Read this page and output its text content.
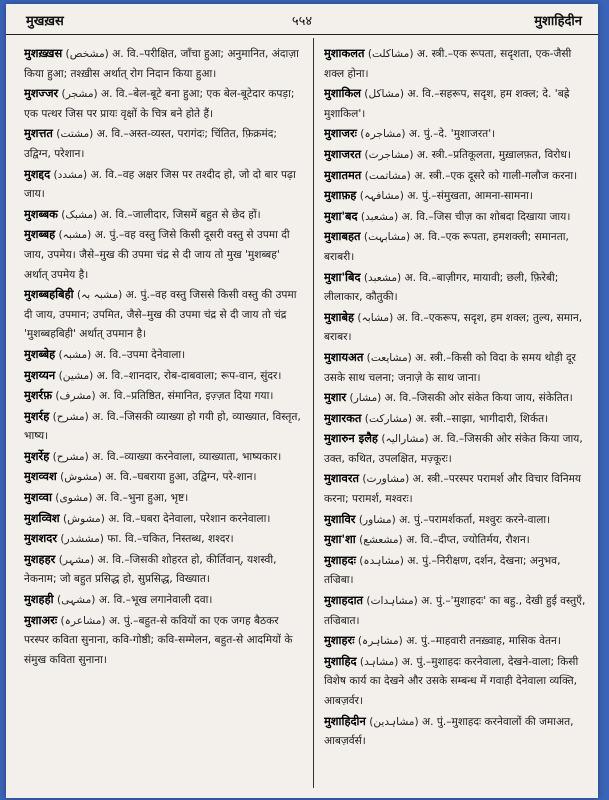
मुखख़स	५५४	मुशाहिदीन

मुशख़्ख़स (مشخص) अ. वि.–परीक्षित, जाँचा हुआ; अनुमानित, अंदाज़ा किया हुआ; तश्ख़ीस अर्थात् रोग निदान किया हुआ।

मुशज्जर (مشجر) अ. वि.–बेल-बूटे बना हुआ; एक बेल-बूटेदार कपड़ा; एक पत्थर जिस पर प्रायः वृक्षों के चित्र बने होते हैं।

मुशत्तत (مشتت) अ. वि.–अस्त-व्यस्त, परागंदः; चिंतित, फ़िक्रमंद; उद्विग्न, परेशान।

मुशद्दद (مشدد) अ. वि.–वह अक्षर जिस पर तश्दीद हो, जो दो बार पढ़ा जाय।

मुशब्बक (مشبک) अ. वि.–जालीदार, जिसमें बहुत से छेद हों।

मुशब्बह (مشبہ) अ. पुं.–वह वस्तु जिसे किसी दूसरी वस्तु से उपमा दी जाय, उपमेय। जैसे–मुख की उपमा चंद्र से दी जाय तो मुख 'मुशब्बह' अर्थात् उपमेय है।

मुशब्बहबिही (مشبہ بہ) अ. पुं.–वह वस्तु जिससे किसी वस्तु की उपमा दी जाय, उपमान; उपमित, जैसे–मुख की उपमा चंद्र से दी जाय तो चंद्र 'मुशब्बहबिही' अर्थात् उपमान है।

मुशब्बेह (مشبہ) अ. वि.–उपमा देनेवाला।

मुशय्यन (مشین) अ. वि.–शानदार, रोब-दाबवाला; रूप-वान, सुंदर।

मुशर्रफ़ (مشرف) अ. वि.–प्रतिष्ठित, संमानित, इज़्ज़त दिया गया।

मुशर्रह (مشرح) अ. वि.–जिसकी व्याख्या हो गयी हो, व्याख्यात, विस्तृत, भाष्य।

मुशर्रेह (مشرح) अ. वि.–व्याख्या करनेवाला, व्याख्याता, भाष्यकार।

मुशव्वश (مشوش) अ. वि.–घबराया हुआ, उद्विग्न, परे-शान।

मुशव्वा (مشوی) अ. वि.–भुना हुआ, भृष्ट।

मुशव्विश (مشوش) अ. वि.–घबरा देनेवाला, परेशान करनेवाला।

मुशशदर (مششدر) फा. वि.–चकित, निस्तब्ध, शश्दर।

मुशहहर (مشہر) अ. वि.–जिसकी शोहरत हो, कीर्तिवान्, यशस्वी, नेकनाम; जो बहुत प्रसिद्ध हो, सुप्रसिद्ध, विख्यात।

मुशहही (مشہی) अ. वि.–भूख लगानेवाली दवा।

मुशाअरः (مشاعرہ) अ. पुं.–बहुत-से कवियों का एक जगह बैठकर परस्पर कविता सुनाना, कवि-गोष्ठी; कवि-सम्मेलन, बहुत-से आदमियों के संमुख कविता सुनाना।

मुशाकलत (مشاکلت) अ. स्त्री.–एक रूपता, सदृशता, एक-जैसी शक्ल होना।

मुशाकिल (مشاکل) अ. वि.–सहरूप, सदृश, हम शक्ल; दे. 'बह्रे मुशाकिल'।

मुशाजरः (مشاجرہ) अ. पुं.–दे. 'मुशाजरत'।

मुशाजरत (مشاجرت) अ. स्त्री.–प्रतिकूलता, मुख़ालफ़त, विरोध।

मुशातमत (مشاتمت) अ. स्त्री.–एक दूसरे को गाली-गलौज करना।

मुशाफ़ह (مشافہہ) अ. पुं.–संमुखता, आमना-सामना।

मुशा'बद (مشعبد) अ. वि.–जिस चीज़ का शोबदा दिखाया जाय।

मुशाबहत (مشابہت) अ. वि.–एक रूपता, हमशक्ली; समानता, बराबरी।

मुशा'बिद (مشعبد) अ. वि.–बाज़ीगर, मायावी; छली, फ़िरेबी; लीलाकार, कौतुकी।

मुशाबेह (مشابہ) अ. वि.–एकरूप, सदृश, हम शक्ल; तुल्य, समान, बराबर।

मुशायअत (مشایعت) अ. स्त्री.–किसी को विदा के समय थोड़ी दूर उसके साथ चलना; जनाज़े के साथ जाना।

मुशार (مشار) अ. वि.–जिसकी ओर संकेत किया जाय, संकेतित।

मुशारकत (مشارکت) अ. स्त्री.–साझा, भागीदारी, शिर्कत।

मुशारुन इलैह (مشارالیہ) अ. वि.–जिसकी ओर संकेत किया जाय, उक्त, कथित, उपलक्षित, मज़्कूरः।

मुशावरत (مشاورت) अ. स्त्री.–परस्पर परामर्श और विचार विनिमय करना; परामर्श, मश्वरः।

मुशाविर (مشاور) अ. पुं.–परामर्शकर्ता, मश्वुरः करने-वाला।

मुशा'शा (مشعشع) अ. वि.–दीप्त, ज्योतिर्मय, रौशन।

मुशाहदः (مشاہدہ) अ. पुं.–निरीक्षण, दर्शन, देखना; अनुभव, तज्रिबा।

मुशाहदात (مشاہدات) अ. पुं.–'मुशाहदः' का बहु., देखी हुई वस्तुएँ, तज्रिबात।

मुशाहरः (مشاہرہ) अ. पुं.–माहवारी तनख़्वाह, मासिक वेतन।

मुशाहिद (مشاہد) अ. पुं.–मुशाहदः करनेवाला, देखने-वाला; किसी विशेष कार्य का देखने और उसके सम्बन्ध में गवाही देनेवाला व्यक्ति, आबज़र्वर।

मुशाहिदीन (مشاہدین) अ. पुं.–मुशाहदः करनेवालों की जमाअत, आबज़र्वर्स।
